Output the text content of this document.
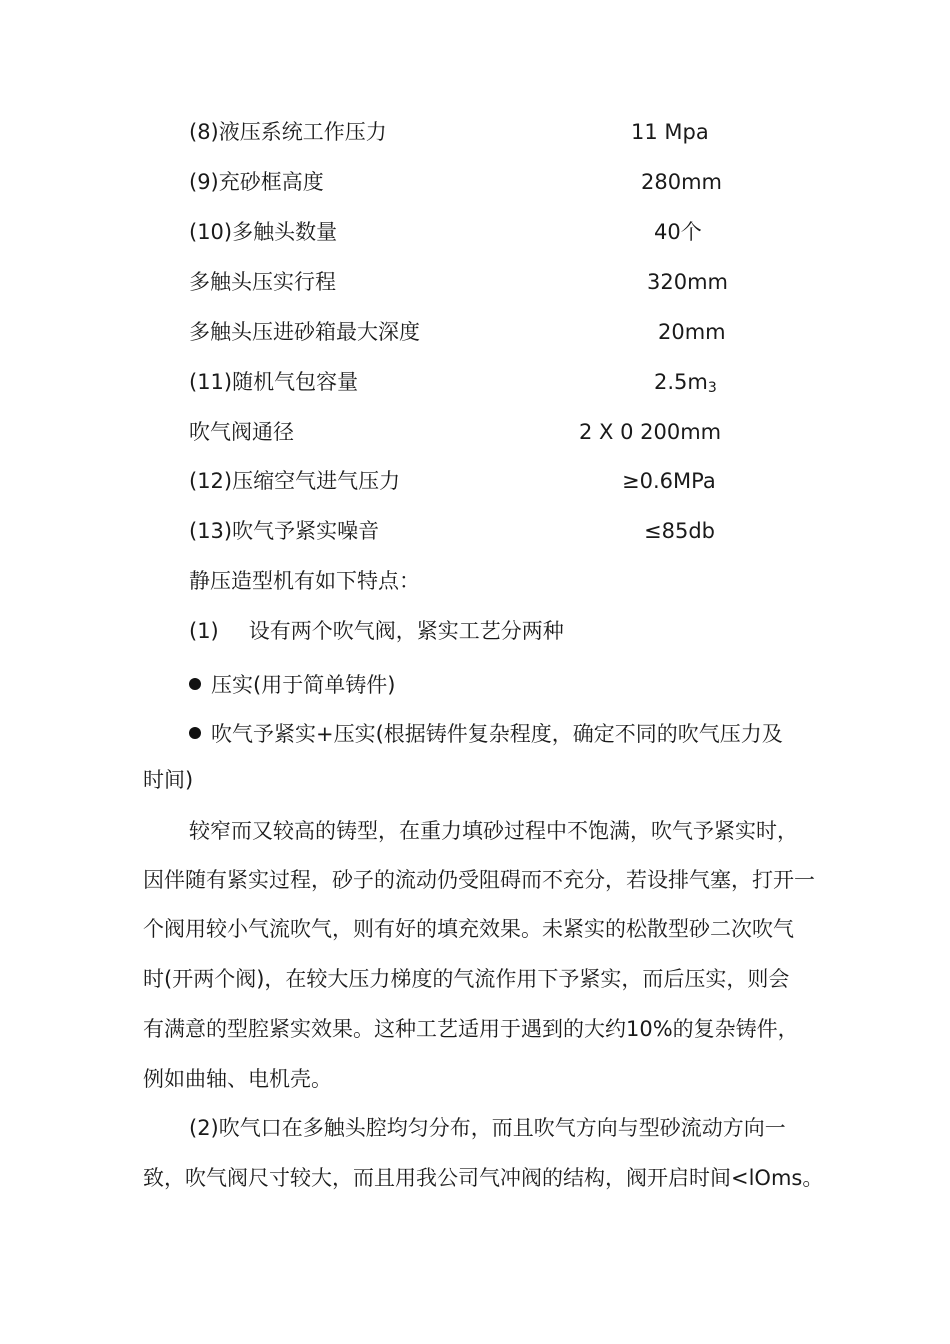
(8)液压系统工作压力	11 Mpa
(9)充砂框高度	280mm
(10)多触头数量	40个
多触头压实行程	320mm
多触头压进砂箱最大深度	20mm
(11)随机气包容量	$2.5m_3$
吹气阀通径	2 X 0 200mm
(12)压缩空气进气压力	≥0.6MPa
(13)吹气予紧实噪音	≤85db
静压造型机有如下特点：
(1) 设有两个吹气阀，紧实工艺分两种
压实(用于简单铸件)
吹气予紧实+压实(根据铸件复杂程度，确定不同的吹气压力及
时间)
较窄而又较高的铸型，在重力填砂过程中不饱满，吹气予紧实时，
因伴随有紧实过程，砂子的流动仍受阻碍而不充分，若设排气塞，打开一
个阀用较小气流吹气，则有好的填充效果。未紧实的松散型砂二次吹气
时(开两个阀)，在较大压力梯度的气流作用下予紧实，而后压实，则会
有满意的型腔紧实效果。这种工艺适用于遇到的大约10%的复杂铸件，
例如曲轴、电机壳。
(2)吹气口在多触头腔均匀分布，而且吹气方向与型砂流动方向一
致，吹气阀尺寸较大，而且用我公司气冲阀的结构，阀开启时间<lOms。
